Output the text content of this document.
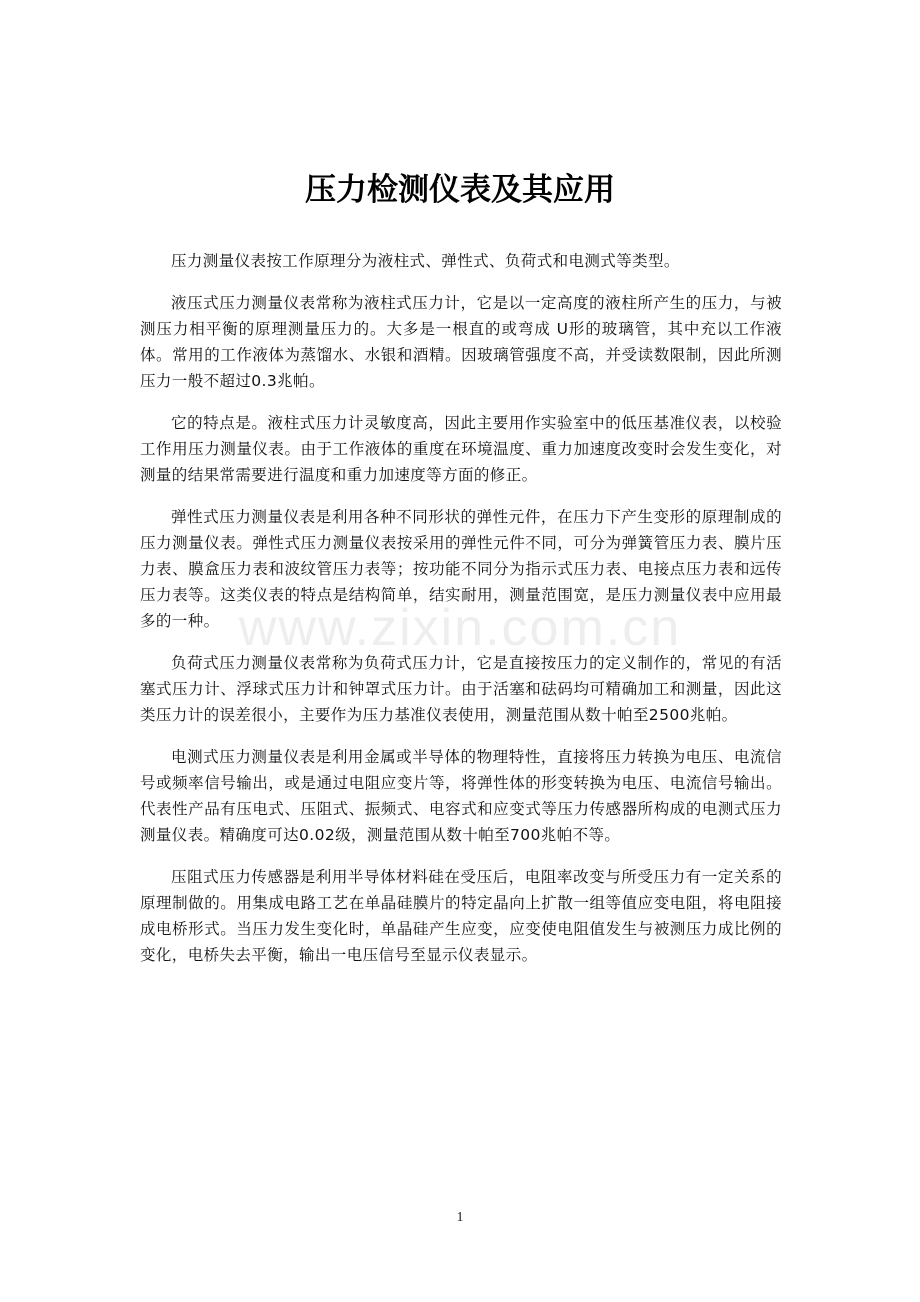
压力检测仪表及其应用

压力测量仪表按工作原理分为液柱式、弹性式、负荷式和电测式等类型。

液压式压力测量仪表常称为液柱式压力计，它是以一定高度的液柱所产生的压力，与被测压力相平衡的原理测量压力的。大多是一根直的或弯成 U形的玻璃管，其中充以工作液体。常用的工作液体为蒸馏水、水银和酒精。因玻璃管强度不高，并受读数限制，因此所测压力一般不超过0.3兆帕。

它的特点是。液柱式压力计灵敏度高，因此主要用作实验室中的低压基准仪表，以校验工作用压力测量仪表。由于工作液体的重度在环境温度、重力加速度改变时会发生变化，对测量的结果常需要进行温度和重力加速度等方面的修正。

弹性式压力测量仪表是利用各种不同形状的弹性元件，在压力下产生变形的原理制成的压力测量仪表。弹性式压力测量仪表按采用的弹性元件不同，可分为弹簧管压力表、膜片压力表、膜盒压力表和波纹管压力表等；按功能不同分为指示式压力表、电接点压力表和远传压力表等。这类仪表的特点是结构简单，结实耐用，测量范围宽，是压力测量仪表中应用最多的一种。

负荷式压力测量仪表常称为负荷式压力计，它是直接按压力的定义制作的，常见的有活塞式压力计、浮球式压力计和钟罩式压力计。由于活塞和砝码均可精确加工和测量，因此这类压力计的误差很小，主要作为压力基准仪表使用，测量范围从数十帕至2500兆帕。

电测式压力测量仪表是利用金属或半导体的物理特性，直接将压力转换为电压、电流信号或频率信号输出，或是通过电阻应变片等，将弹性体的形变转换为电压、电流信号输出。代表性产品有压电式、压阻式、振频式、电容式和应变式等压力传感器所构成的电测式压力测量仪表。精确度可达0.02级，测量范围从数十帕至700兆帕不等。

压阻式压力传感器是利用半导体材料硅在受压后，电阻率改变与所受压力有一定关系的原理制做的。用集成电路工艺在单晶硅膜片的特定晶向上扩散一组等值应变电阻，将电阻接成电桥形式。当压力发生变化时，单晶硅产生应变，应变使电阻值发生与被测压力成比例的变化，电桥失去平衡，输出一电压信号至显示仪表显示。

www.zixin.com.cn
1
